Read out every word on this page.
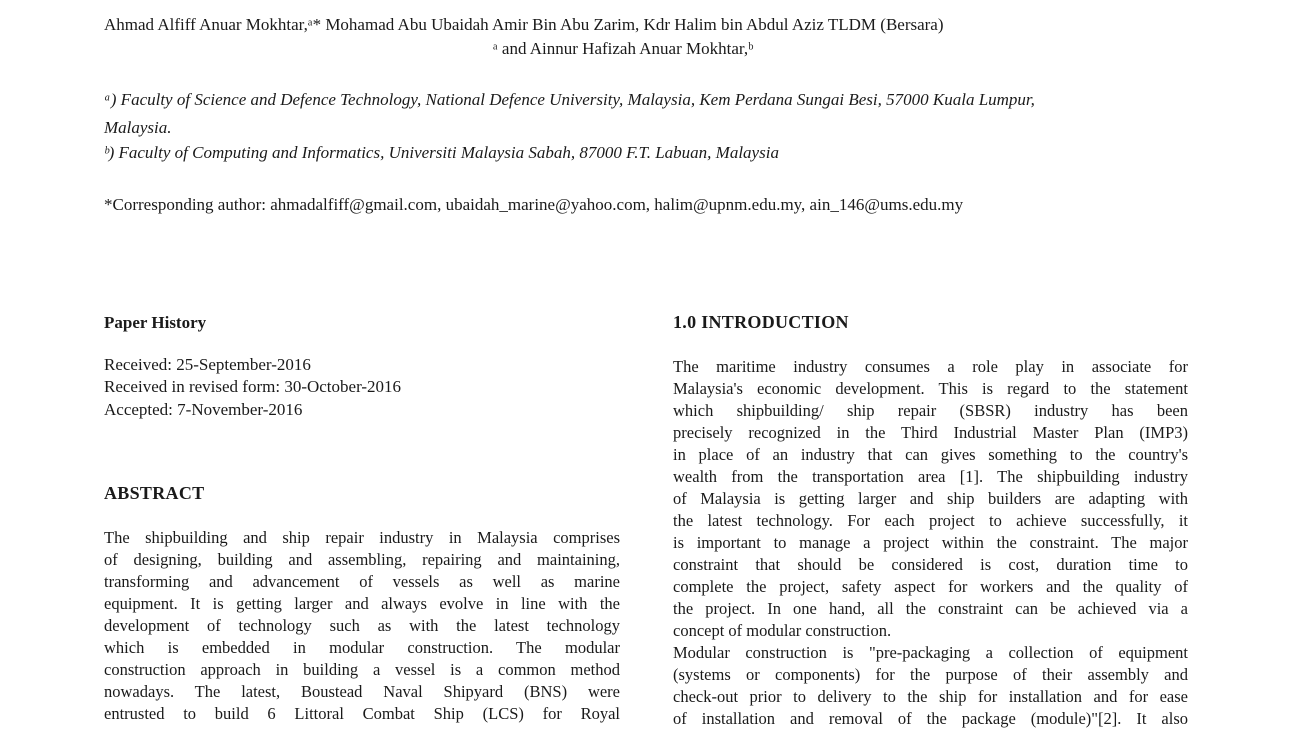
Ahmad Alfiff Anuar Mokhtar,ᵃ* Mohamad Abu Ubaidah Amir Bin Abu Zarim, Kdr Halim bin Abdul Aziz TLDM (Bersara)
ᵃ and Ainnur Hafizah Anuar Mokhtar,ᵇ
ᵃ) Faculty of Science and Defence Technology, National Defence University, Malaysia, Kem Perdana Sungai Besi, 57000 Kuala Lumpur,
Malaysia.
ᵇ) Faculty of Computing and Informatics, Universiti Malaysia Sabah, 87000 F.T. Labuan, Malaysia
*Corresponding author: ahmadalfiff@gmail.com, ubaidah_marine@yahoo.com, halim@upnm.edu.my, ain_146@ums.edu.my
Paper History
Received: 25-September-2016
Received in revised form: 30-October-2016
Accepted: 7-November-2016
ABSTRACT
The shipbuilding and ship repair industry in Malaysia comprises
of designing, building and assembling, repairing and maintaining,
transforming and advancement of vessels as well as marine
equipment. It is getting larger and always evolve in line with the
development of technology such as with the latest technology
which is embedded in modular construction. The modular
construction approach in building a vessel is a common method
nowadays. The latest, Boustead Naval Shipyard (BNS) were
entrusted to build 6 Littoral Combat Ship (LCS) for Royal
1.0 INTRODUCTION
The maritime industry consumes a role play in associate for
Malaysia's economic development. This is regard to the statement
which shipbuilding/ ship repair (SBSR) industry has been
precisely recognized in the Third Industrial Master Plan (IMP3)
in place of an industry that can gives something to the country's
wealth from the transportation area [1]. The shipbuilding industry
of Malaysia is getting larger and ship builders are adapting with
the latest technology. For each project to achieve successfully, it
is important to manage a project within the constraint. The major
constraint that should be considered is cost, duration time to
complete the project, safety aspect for workers and the quality of
the project. In one hand, all the constraint can be achieved via a
concept of modular construction.
Modular construction is "pre-packaging a collection of equipment
(systems or components) for the purpose of their assembly and
check-out prior to delivery to the ship for installation and for ease
of installation and removal of the package (module)"[2]. It also
